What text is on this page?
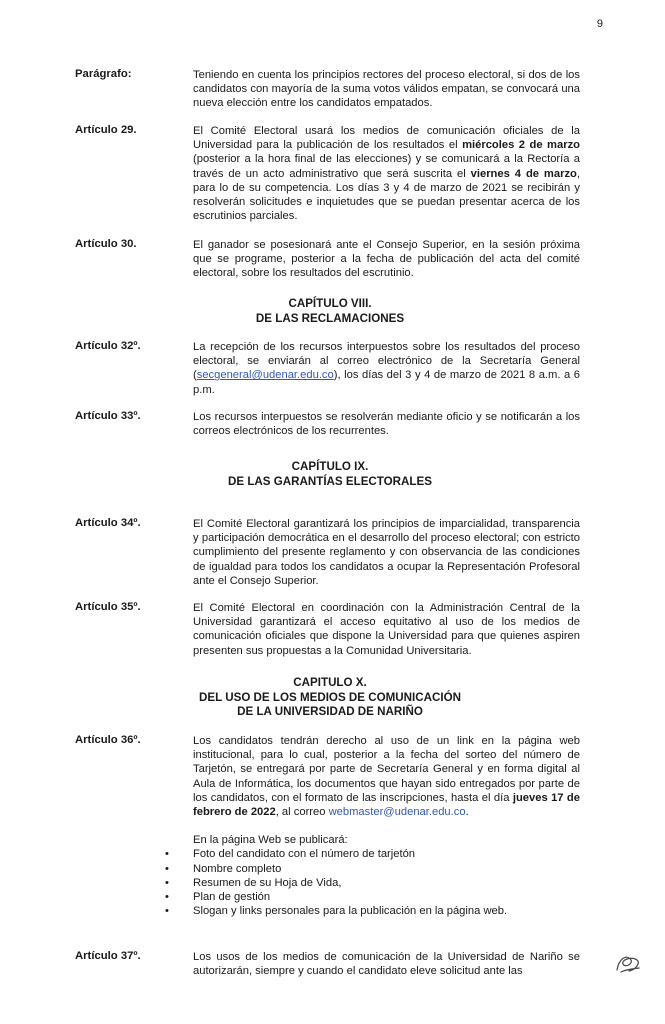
9
Parágrafo:	Teniendo en cuenta los principios rectores del proceso electoral, si dos de los candidatos con mayoría de la suma votos válidos empatan, se convocará una nueva elección entre los candidatos empatados.
Artículo 29.	El Comité Electoral usará los medios de comunicación oficiales de la Universidad para la publicación de los resultados el miércoles 2 de marzo (posterior a la hora final de las elecciones) y se comunicará a la Rectoría a través de un acto administrativo que será suscrita el viernes 4 de marzo, para lo de su competencia. Los días 3 y 4 de marzo de 2021 se recibirán y resolverán solicitudes e inquietudes que se puedan presentar acerca de los escrutinios parciales.
Artículo 30.	El ganador se posesionará ante el Consejo Superior, en la sesión próxima que se programe, posterior a la fecha de publicación del acta del comité electoral, sobre los resultados del escrutinio.
CAPÍTULO VIII.
DE LAS RECLAMACIONES
Artículo 32º.	La recepción de los recursos interpuestos sobre los resultados del proceso electoral, se enviarán al correo electrónico de la Secretaría General (secgeneral@udenar.edu.co), los días del 3 y 4 de marzo de 2021 8 a.m. a 6 p.m.
Artículo 33º.	Los recursos interpuestos se resolverán mediante oficio y se notificarán a los correos electrónicos de los recurrentes.
CAPÍTULO IX.
DE LAS GARANTÍAS ELECTORALES
Artículo 34º.	El Comité Electoral garantizará los principios de imparcialidad, transparencia y participación democrática en el desarrollo del proceso electoral; con estricto cumplimiento del presente reglamento y con observancia de las condiciones de igualdad para todos los candidatos a ocupar la Representación Profesoral ante el Consejo Superior.
Artículo 35º.	El Comité Electoral en coordinación con la Administración Central de la Universidad garantizará el acceso equitativo al uso de los medios de comunicación oficiales que dispone la Universidad para que quienes aspiren presenten sus propuestas a la Comunidad Universitaria.
CAPITULO X.
DEL USO DE LOS MEDIOS DE COMUNICACIÓN
DE LA UNIVERSIDAD DE NARIÑO
Artículo 36º.	Los candidatos tendrán derecho al uso de un link en la página web institucional, para lo cual, posterior a la fecha del sorteo del número de Tarjetón, se entregará por parte de Secretaría General y en forma digital al Aula de Informática, los documentos que hayan sido entregados por parte de los candidatos, con el formato de las inscripciones, hasta el día jueves 17 de febrero de 2022, al correo webmaster@udenar.edu.co.
En la página Web se publicará:
• Foto del candidato con el número de tarjetón
• Nombre completo
• Resumen de su Hoja de Vida,
• Plan de gestión
• Slogan y links personales para la publicación en la página web.
Artículo 37º.	Los usos de los medios de comunicación de la Universidad de Nariño se autorizarán, siempre y cuando el candidato eleve solicitud ante las
